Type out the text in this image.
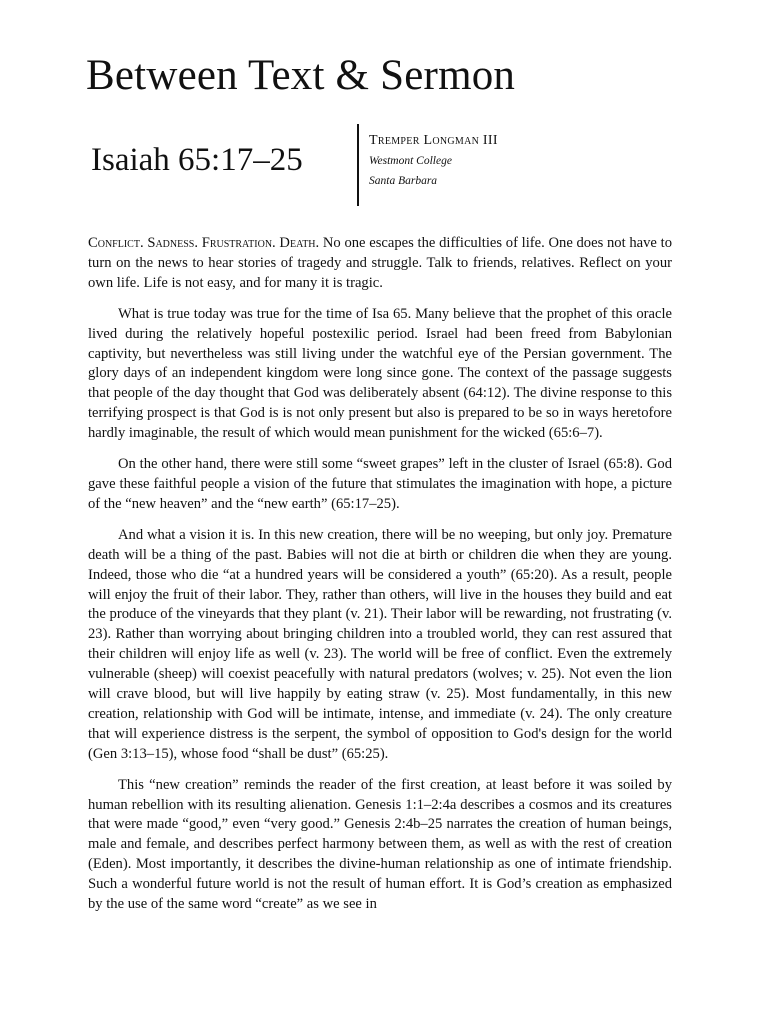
Between Text & Sermon
Isaiah 65:17–25
Tremper Longman III
Westmont College
Santa Barbara

Conflict. Sadness. Frustration. Death. No one escapes the difficulties of life. One does not have to turn on the news to hear stories of tragedy and struggle. Talk to friends, relatives. Reflect on your own life. Life is not easy, and for many it is tragic.

What is true today was true for the time of Isa 65. Many believe that the prophet of this oracle lived during the relatively hopeful postexilic period. Israel had been freed from Babylonian captivity, but nevertheless was still living under the watchful eye of the Persian government. The glory days of an independent kingdom were long since gone. The context of the passage suggests that people of the day thought that God was deliberately absent (64:12). The divine response to this terrifying prospect is that God is is not only present but also is prepared to be so in ways heretofore hardly imaginable, the result of which would mean punishment for the wicked (65:6–7).

On the other hand, there were still some “sweet grapes” left in the cluster of Israel (65:8). God gave these faithful people a vision of the future that stimulates the imagination with hope, a picture of the “new heaven” and the “new earth” (65:17–25).

And what a vision it is. In this new creation, there will be no weeping, but only joy. Premature death will be a thing of the past. Babies will not die at birth or children die when they are young. Indeed, those who die “at a hundred years will be considered a youth” (65:20). As a result, people will enjoy the fruit of their labor. They, rather than others, will live in the houses they build and eat the produce of the vineyards that they plant (v. 21). Their labor will be rewarding, not frustrating (v. 23). Rather than worrying about bringing children into a troubled world, they can rest assured that their children will enjoy life as well (v. 23). The world will be free of conflict. Even the extremely vulnerable (sheep) will coexist peacefully with natural predators (wolves; v. 25). Not even the lion will crave blood, but will live happily by eating straw (v. 25). Most fundamentally, in this new creation, relationship with God will be intimate, intense, and immediate (v. 24). The only creature that will experience distress is the serpent, the symbol of opposition to God's design for the world (Gen 3:13–15), whose food “shall be dust” (65:25).

This “new creation” reminds the reader of the first creation, at least before it was soiled by human rebellion with its resulting alienation. Genesis 1:1–2:4a describes a cosmos and its creatures that were made “good,” even “very good.” Genesis 2:4b–25 narrates the creation of human beings, male and female, and describes perfect harmony between them, as well as with the rest of creation (Eden). Most importantly, it describes the divine-human relationship as one of intimate friendship. Such a wonderful future world is not the result of human effort. It is God’s creation as emphasized by the use of the same word “create” as we see in
